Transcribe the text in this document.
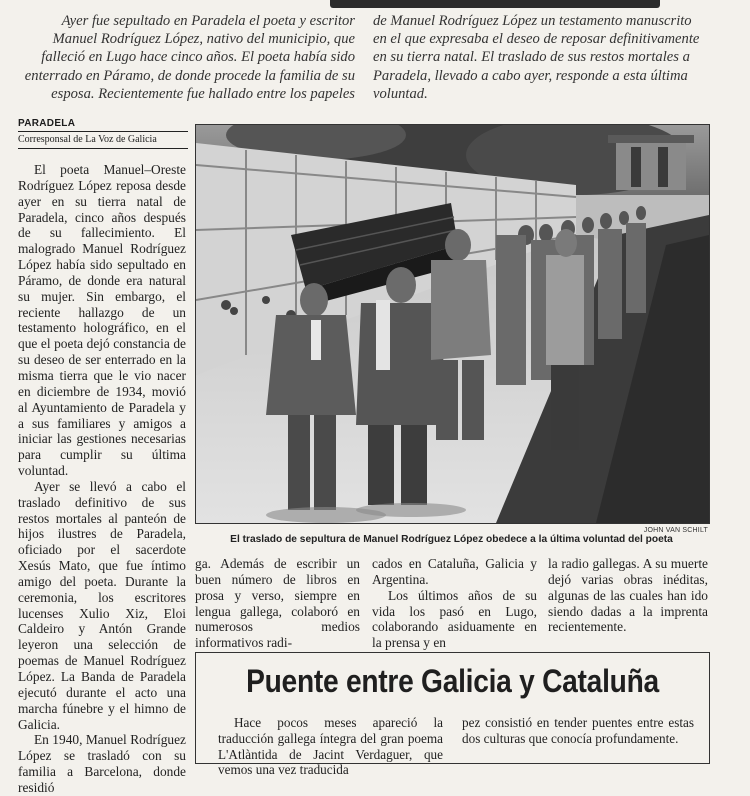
Ayer fue sepultado en Paradela el poeta y escritor Manuel Rodríguez López, nativo del municipio, que falleció en Lugo hace cinco años. El poeta había sido enterrado en Páramo, de donde procede la familia de su esposa. Recientemente fue hallado entre los papeles
de Manuel Rodríguez López un testamento manuscrito en el que expresaba el deseo de reposar definitivamente en su tierra natal. El traslado de sus restos mortales a Paradela, llevado a cabo ayer, responde a esta última voluntad.
PARADELA
Corresponsal de La Voz de Galicia

El poeta Manuel–Oreste Rodríguez López reposa desde ayer en su tierra natal de Paradela, cinco años después de su fallecimiento. El malogrado Manuel Rodríguez López había sido sepultado en Páramo, de donde era natural su mujer. Sin embargo, el reciente hallazgo de un testamento holográfico, en el que el poeta dejó constancia de su deseo de ser enterrado en la misma tierra que le vio nacer en diciembre de 1934, movió al Ayuntamiento de Paradela y a sus familiares y amigos a iniciar las gestiones necesarias para cumplir su última voluntad.

Ayer se llevó a cabo el traslado definitivo de sus restos mortales al panteón de hijos ilustres de Paradela, oficiado por el sacerdote Xesús Mato, que fue íntimo amigo del poeta. Durante la ceremonia, los escritores lucenses Xulio Xiz, Eloi Caldeiro y Antón Grande leyeron una selección de poemas de Manuel Rodríguez López. La Banda de Paradela ejecutó durante el acto una marcha fúnebre y el himno de Galicia.

En 1940, Manuel Rodríguez López se trasladó con su familia a Barcelona, donde residió

JOHN VAN SCHILT
El traslado de sepultura de Manuel Rodríguez López obedece a la última voluntad del poeta

ga. Además de escribir un buen número de libros en prosa y verso, siempre en lengua gallega, colaboró en numerosos medios informativos radi-

cados en Cataluña, Galicia y Argentina.

Los últimos años de su vida los pasó en Lugo, colaborando asiduamente en la prensa y en

la radio gallegas. A su muerte dejó varias obras inéditas, algunas de las cuales han ido siendo dadas a la imprenta recientemente.

Puente entre Galicia y Cataluña

Hace pocos meses apareció la traducción gallega íntegra del gran poema L'Atlàntida de Jacint Verdaguer, que vemos una vez traducida

pez consistió en tender puentes entre estas dos culturas que conocía profundamente.
